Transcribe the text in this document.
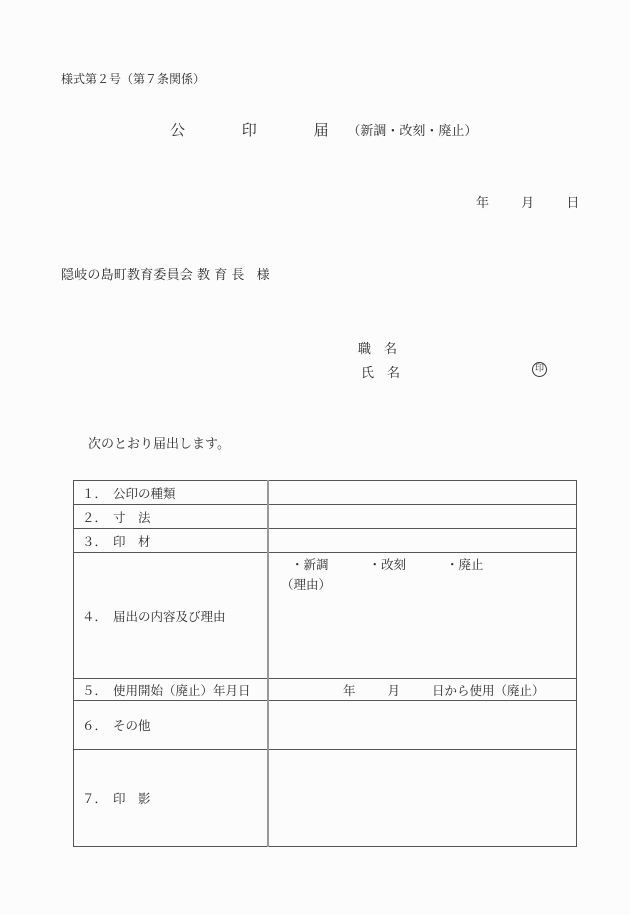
様式第２号（第７条関係）
公	印	届 （新調・改刻・廃止）
年 月 日
隠岐の島町教育委員会 教 育 長 様
職　名
氏　名	印
次のとおり届出します。
１． 公印の種類	
２． 寸　法	
３． 印　材	
４． 届出の内容及び理由	・新調 ・改刻 ・廃止
（理由）

５． 使用開始（廃止）年月日	年 月 日から使用（廃止）
６． その他	
７． 印　影	
